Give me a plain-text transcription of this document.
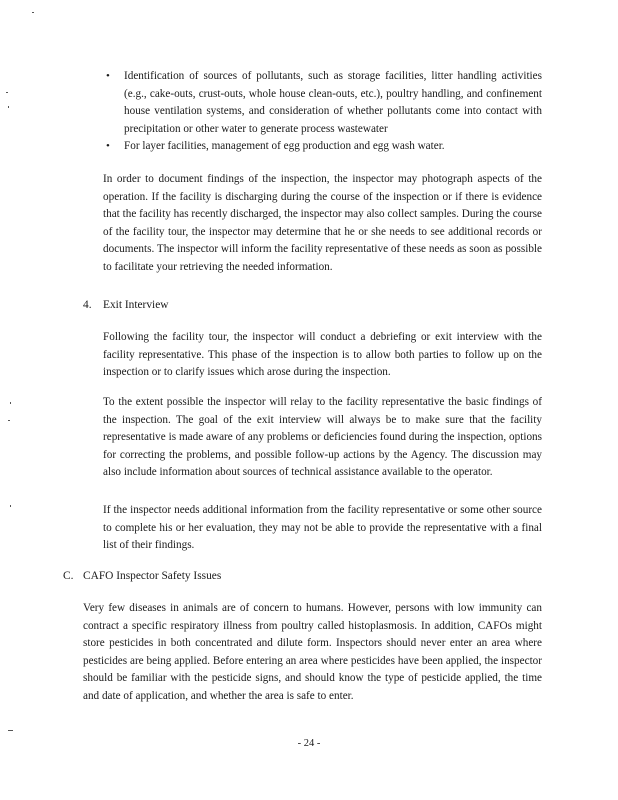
• Identification of sources of pollutants, such as storage facilities, litter handling activities (e.g., cake-outs, crust-outs, whole house clean-outs, etc.), poultry handling, and confinement house ventilation systems, and consideration of whether pollutants come into contact with precipitation or other water to generate process wastewater

• For layer facilities, management of egg production and egg wash water.

In order to document findings of the inspection, the inspector may photograph aspects of the operation. If the facility is discharging during the course of the inspection or if there is evidence that the facility has recently discharged, the inspector may also collect samples. During the course of the facility tour, the inspector may determine that he or she needs to see additional records or documents. The inspector will inform the facility representative of these needs as soon as possible to facilitate your retrieving the needed information.

4. Exit Interview

Following the facility tour, the inspector will conduct a debriefing or exit interview with the facility representative. This phase of the inspection is to allow both parties to follow up on the inspection or to clarify issues which arose during the inspection.

To the extent possible the inspector will relay to the facility representative the basic findings of the inspection. The goal of the exit interview will always be to make sure that the facility representative is made aware of any problems or deficiencies found during the inspection, options for correcting the problems, and possible follow-up actions by the Agency. The discussion may also include information about sources of technical assistance available to the operator.

If the inspector needs additional information from the facility representative or some other source to complete his or her evaluation, they may not be able to provide the representative with a final list of their findings.

C. CAFO Inspector Safety Issues

Very few diseases in animals are of concern to humans. However, persons with low immunity can contract a specific respiratory illness from poultry called histoplasmosis. In addition, CAFOs might store pesticides in both concentrated and dilute form. Inspectors should never enter an area where pesticides are being applied. Before entering an area where pesticides have been applied, the inspector should be familiar with the pesticide signs, and should know the type of pesticide applied, the time and date of application, and whether the area is safe to enter.

- 24 -
